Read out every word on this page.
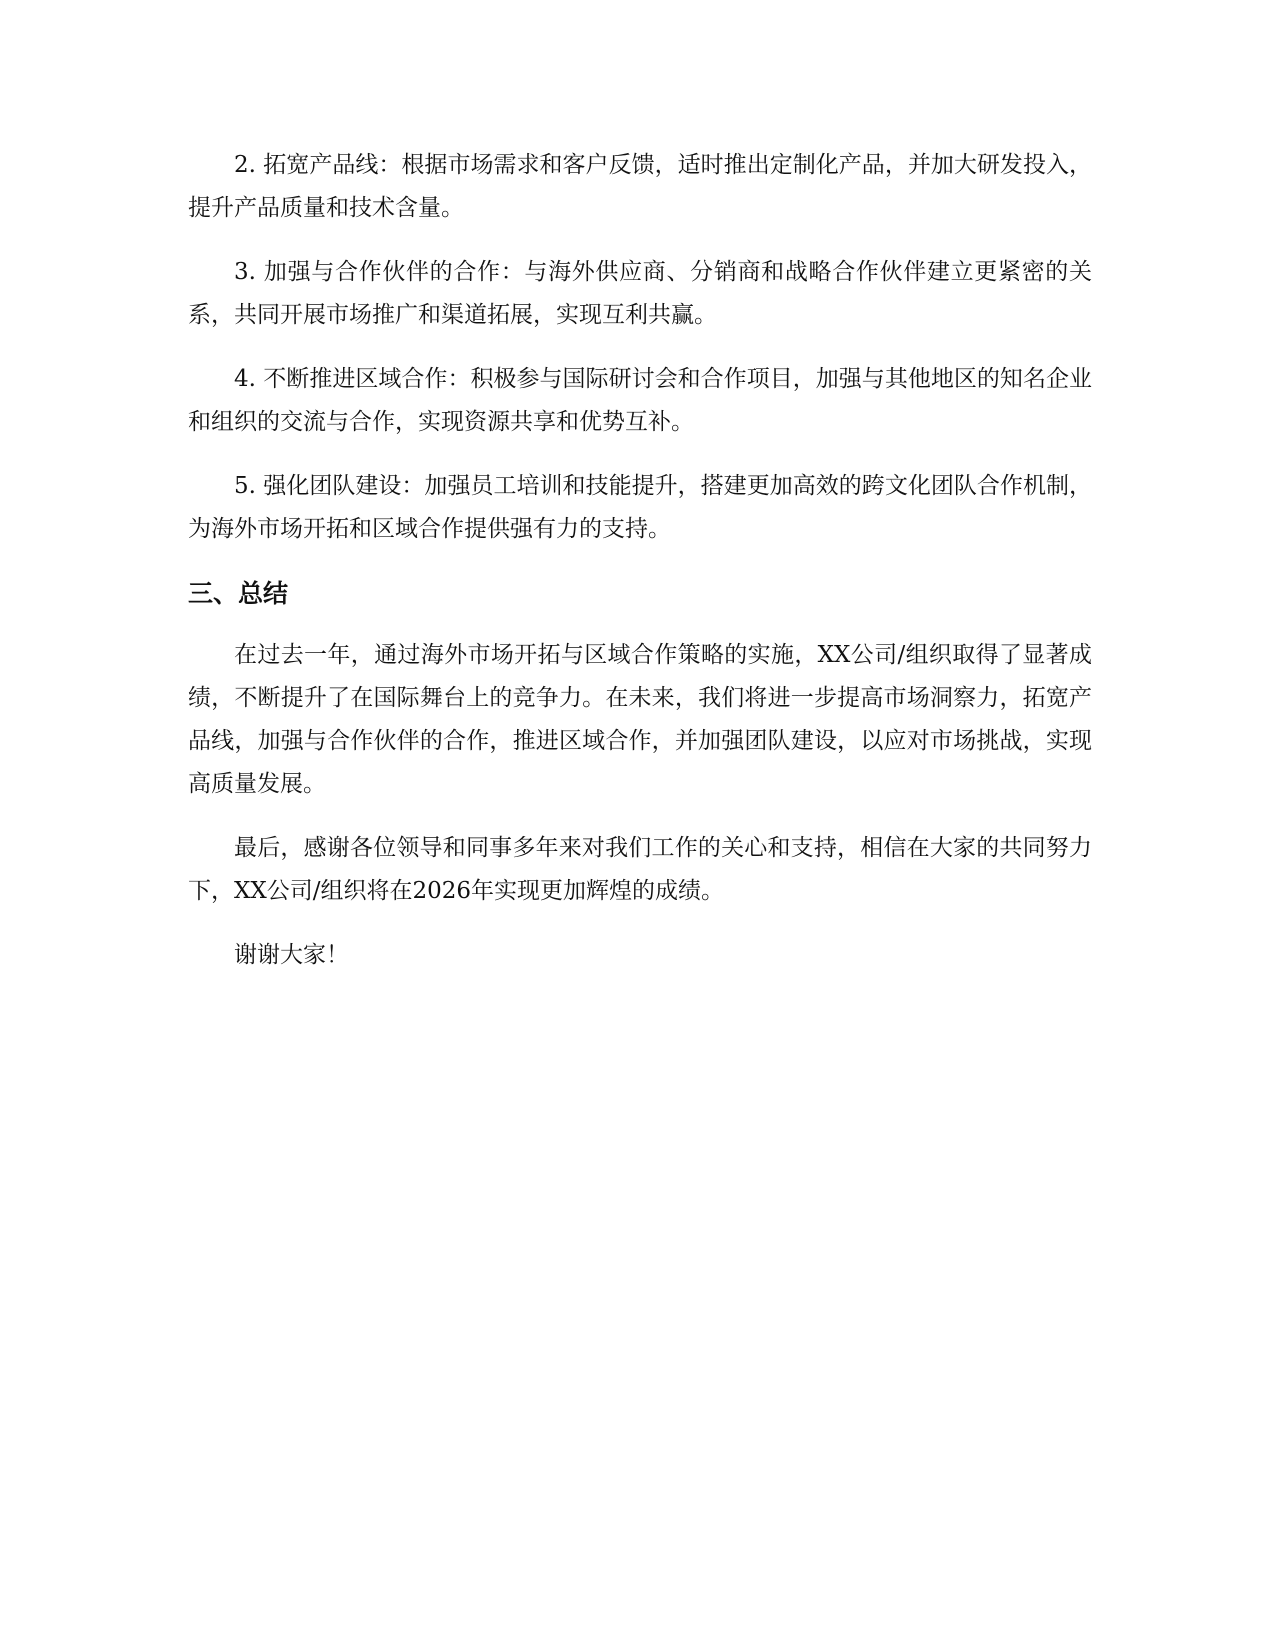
2. 拓宽产品线：根据市场需求和客户反馈，适时推出定制化产品，并加大研发投入，提升产品质量和技术含量。

3. 加强与合作伙伴的合作：与海外供应商、分销商和战略合作伙伴建立更紧密的关系，共同开展市场推广和渠道拓展，实现互利共赢。

4. 不断推进区域合作：积极参与国际研讨会和合作项目，加强与其他地区的知名企业和组织的交流与合作，实现资源共享和优势互补。

5. 强化团队建设：加强员工培训和技能提升，搭建更加高效的跨文化团队合作机制，为海外市场开拓和区域合作提供强有力的支持。

三、总结

在过去一年，通过海外市场开拓与区域合作策略的实施，XX公司/组织取得了显著成绩，不断提升了在国际舞台上的竞争力。在未来，我们将进一步提高市场洞察力，拓宽产品线，加强与合作伙伴的合作，推进区域合作，并加强团队建设，以应对市场挑战，实现高质量发展。

最后，感谢各位领导和同事多年来对我们工作的关心和支持，相信在大家的共同努力下，XX公司/组织将在2026年实现更加辉煌的成绩。

谢谢大家！
